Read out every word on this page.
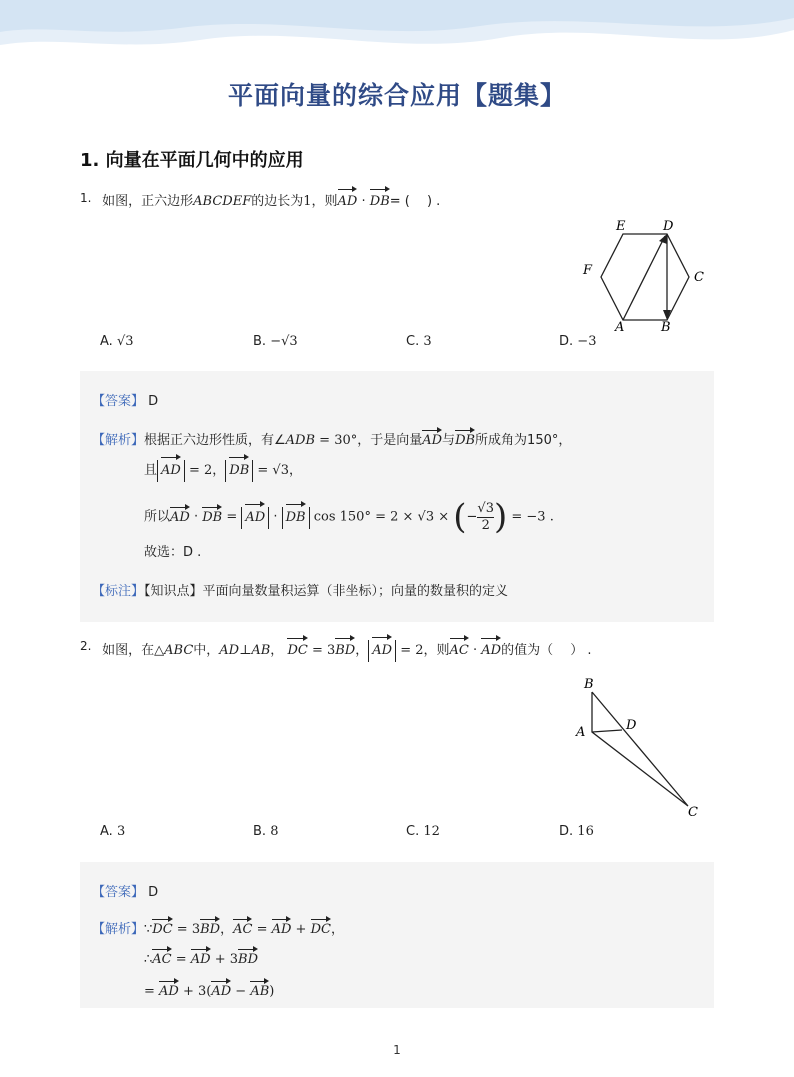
平面向量的综合应用【题集】
1. 向量在平面几何中的应用
1. 如图，正六边形ABCDEF的边长为1，则AD · DB= (　 ) .
A	B
C
D
E
F
A. √3	B. −√3	C. 3	D. −3
【答案】 D
【解析】 根据正六边形性质，有∠ADB = 30°，于是向量AD与DB所成角为150°，
且 AD = 2， DB = √3，
所以AD · DB = AD · DB cos 150° = 2 × √3 × (− $\frac{√3}{2}$ ) = −3 .
故选：D .
【标注】【知识点】平面向量数量积运算（非坐标）；向量的数量积的定义
2. 如图，在△ABC中，AD⊥AB， DC = 3BD， AD = 2，则AC · AD的值为（　 ） .
B
A	D
C
A. 3	B. 8	C. 12	D. 16
【答案】 D
【解析】 ∵DC = 3BD，AC = AD + DC，
∴AC = AD + 3BD
= AD + 3(AD − AB)
1
